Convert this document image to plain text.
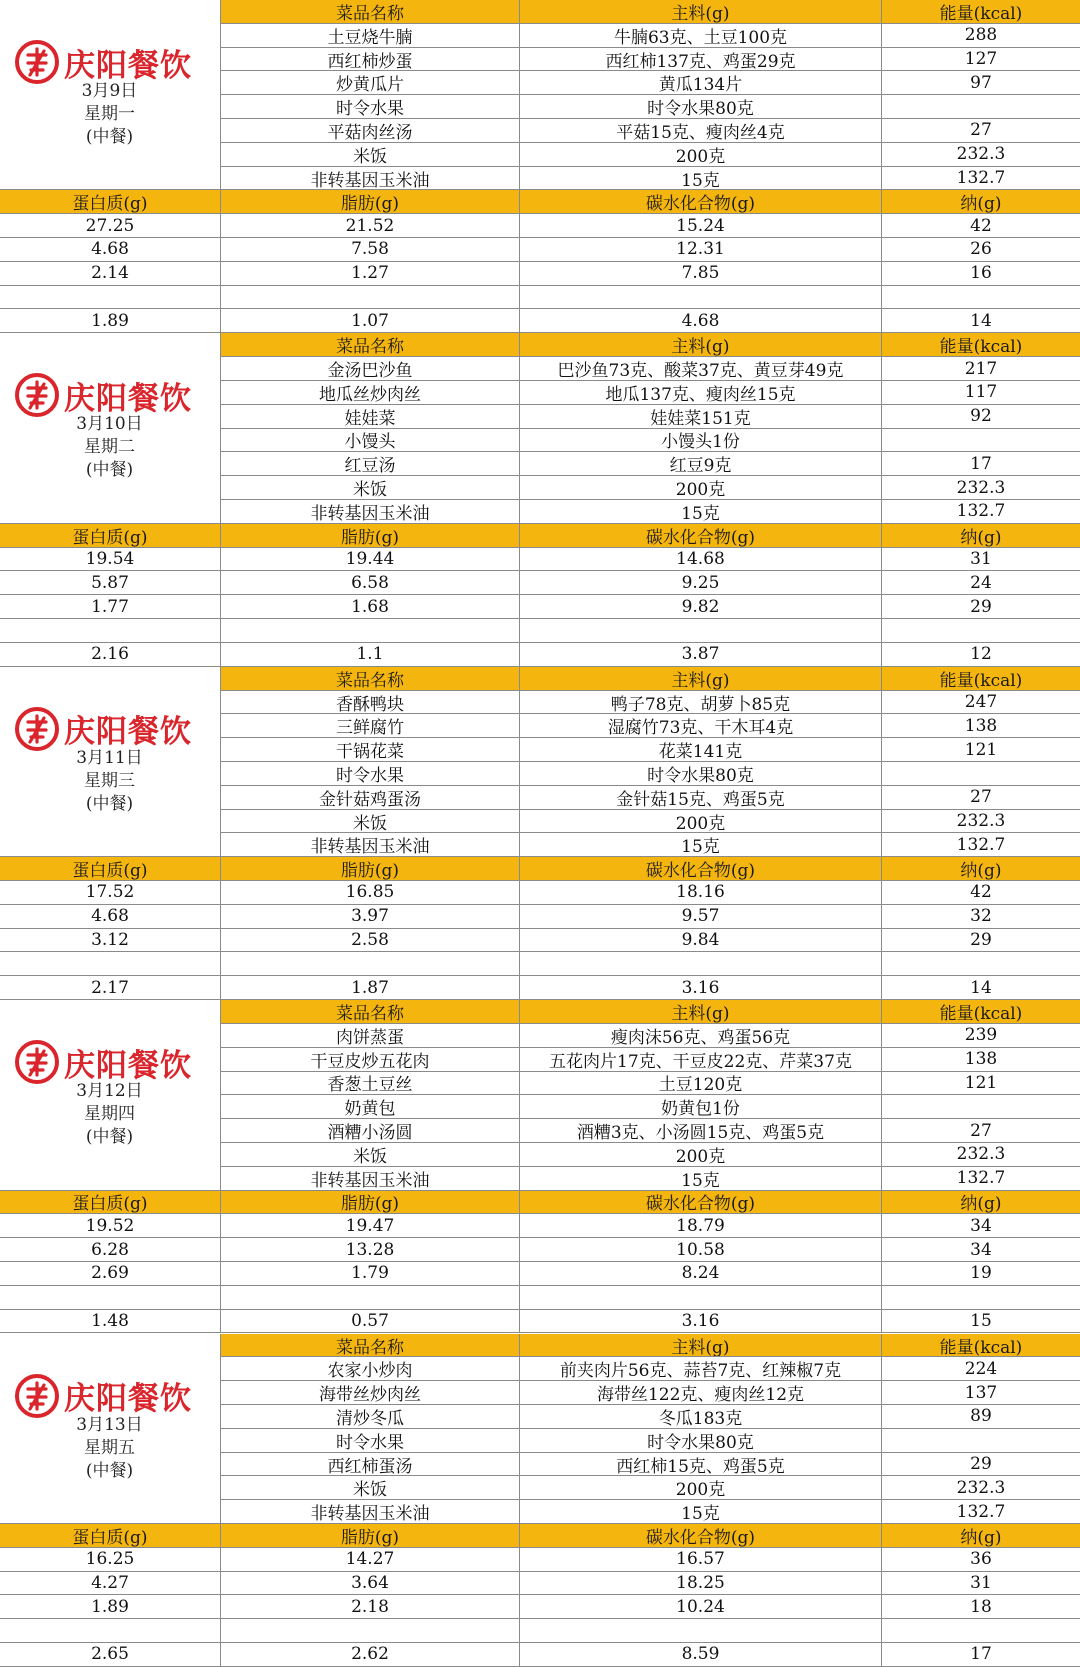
庆阳餐饮
3月9日
星期一
(中餐)
菜品名称	主料(g)	能量(kcal)
土豆烧牛腩	牛腩63克、土豆100克	288
西红柿炒蛋	西红柿137克、鸡蛋29克	127
炒黄瓜片	黄瓜134片	97
时令水果	时令水果80克
平菇肉丝汤	平菇15克、瘦肉丝4克	27
米饭	200克	232.3
非转基因玉米油	15克	132.7
蛋白质(g)	脂肪(g)	碳水化合物(g)	纳(g)
27.25	21.52	15.24	42
4.68	7.58	12.31	26
2.14	1.27	7.85	16
1.89	1.07	4.68	14
庆阳餐饮
3月10日
星期二
(中餐)
菜品名称	主料(g)	能量(kcal)
金汤巴沙鱼	巴沙鱼73克、酸菜37克、黄豆芽49克	217
地瓜丝炒肉丝	地瓜137克、瘦肉丝15克	117
娃娃菜	娃娃菜151克	92
小馒头	小馒头1份
红豆汤	红豆9克	17
米饭	200克	232.3
非转基因玉米油	15克	132.7
蛋白质(g)	脂肪(g)	碳水化合物(g)	纳(g)
19.54	19.44	14.68	31
5.87	6.58	9.25	24
1.77	1.68	9.82	29
2.16	1.1	3.87	12
庆阳餐饮
3月11日
星期三
(中餐)
菜品名称	主料(g)	能量(kcal)
香酥鸭块	鸭子78克、胡萝卜85克	247
三鲜腐竹	湿腐竹73克、干木耳4克	138
干锅花菜	花菜141克	121
时令水果	时令水果80克
金针菇鸡蛋汤	金针菇15克、鸡蛋5克	27
米饭	200克	232.3
非转基因玉米油	15克	132.7
蛋白质(g)	脂肪(g)	碳水化合物(g)	纳(g)
17.52	16.85	18.16	42
4.68	3.97	9.57	32
3.12	2.58	9.84	29
2.17	1.87	3.16	14
庆阳餐饮
3月12日
星期四
(中餐)
菜品名称	主料(g)	能量(kcal)
肉饼蒸蛋	瘦肉沫56克、鸡蛋56克	239
干豆皮炒五花肉	五花肉片17克、干豆皮22克、芹菜37克	138
香葱土豆丝	土豆120克	121
奶黄包	奶黄包1份
酒糟小汤圆	酒糟3克、小汤圆15克、鸡蛋5克	27
米饭	200克	232.3
非转基因玉米油	15克	132.7
蛋白质(g)	脂肪(g)	碳水化合物(g)	纳(g)
19.52	19.47	18.79	34
6.28	13.28	10.58	34
2.69	1.79	8.24	19
1.48	0.57	3.16	15
庆阳餐饮
3月13日
星期五
(中餐)
菜品名称	主料(g)	能量(kcal)
农家小炒肉	前夹肉片56克、蒜苔7克、红辣椒7克	224
海带丝炒肉丝	海带丝122克、瘦肉丝12克	137
清炒冬瓜	冬瓜183克	89
时令水果	时令水果80克
西红柿蛋汤	西红柿15克、鸡蛋5克	29
米饭	200克	232.3
非转基因玉米油	15克	132.7
蛋白质(g)	脂肪(g)	碳水化合物(g)	纳(g)
16.25	14.27	16.57	36
4.27	3.64	18.25	31
1.89	2.18	10.24	18
2.65	2.62	8.59	17
